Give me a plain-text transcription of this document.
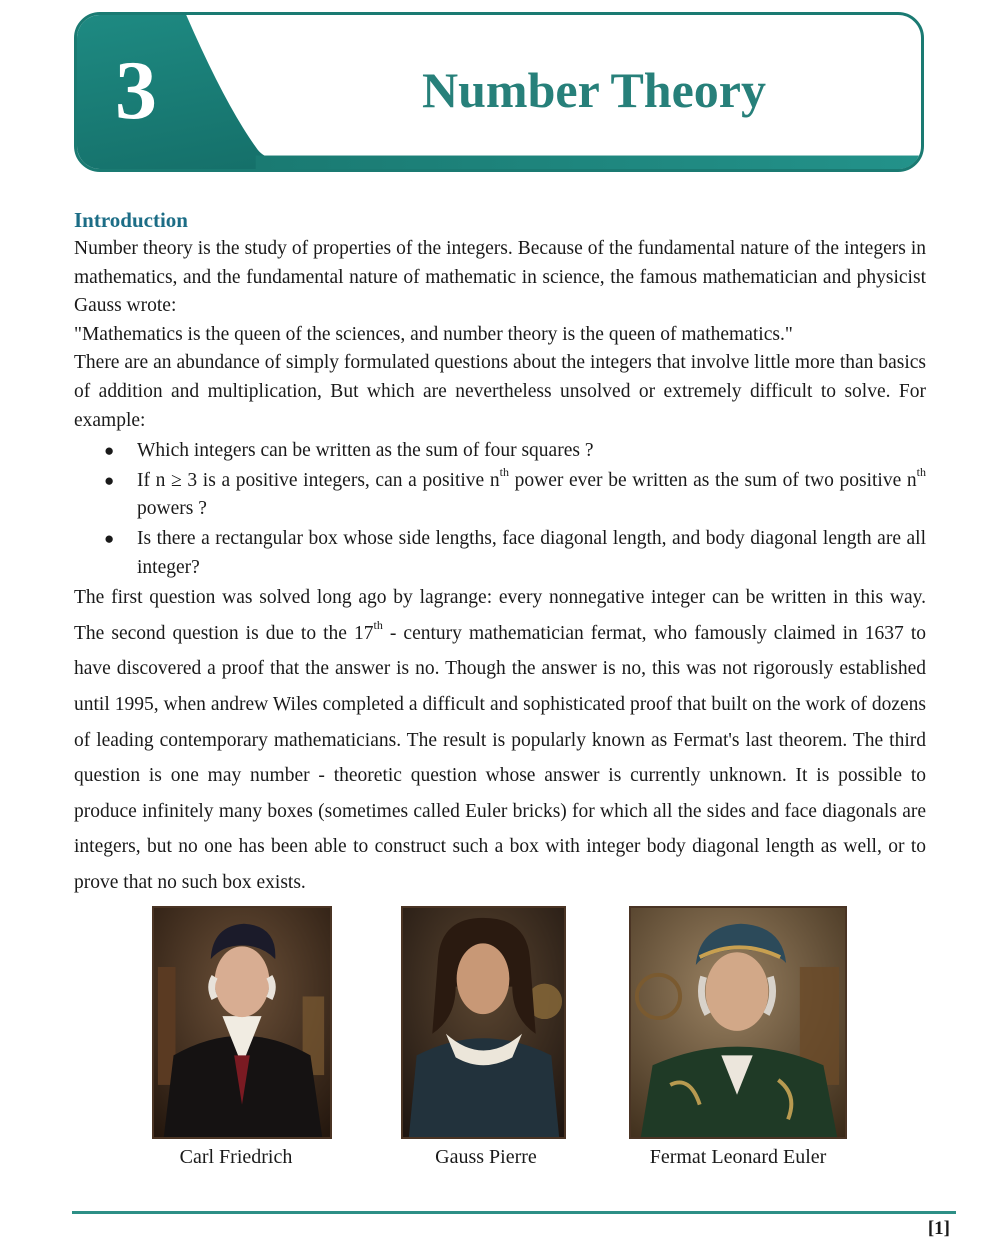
3	Number Theory
Introduction

Number theory is the study of properties of the integers. Because of the fundamental nature of the integers in mathematics, and the fundamental nature of mathematic in science, the famous mathematician and physicist Gauss wrote:

"Mathematics is the queen of the sciences, and number theory is the queen of mathematics."

There are an abundance of simply formulated questions about the integers that involve little more than basics of addition and multiplication, But which are nevertheless unsolved or extremely difficult to solve. For example:

● Which integers can be written as the sum of four squares ?
● If n ≥ 3 is a positive integers, can a positive $n^{th}$ power ever be written as the sum of two positive $n^{th}$ powers ?
● Is there a rectangular box whose side lengths, face diagonal length, and body diagonal length are all integer?

The first question was solved long ago by lagrange: every nonnegative integer can be written in this way. The second question is due to the 17th - century mathematician fermat, who famously claimed in 1637 to have discovered a proof that the answer is no. Though the answer is no, this was not rigorously established until 1995, when andrew Wiles completed a difficult and sophisticated proof that built on the work of dozens of leading contemporary mathematicians. The result is popularly known as Fermat's last theorem. The third question is one may number - theoretic question whose answer is currently unknown. It is possible to produce infinitely many boxes (sometimes called Euler bricks) for which all the sides and face diagonals are integers, but no one has been able to construct such a box with integer body diagonal length as well, or to prove that no such box exists.

Carl Friedrich	Gauss Pierre	Fermat Leonard Euler
[1]
